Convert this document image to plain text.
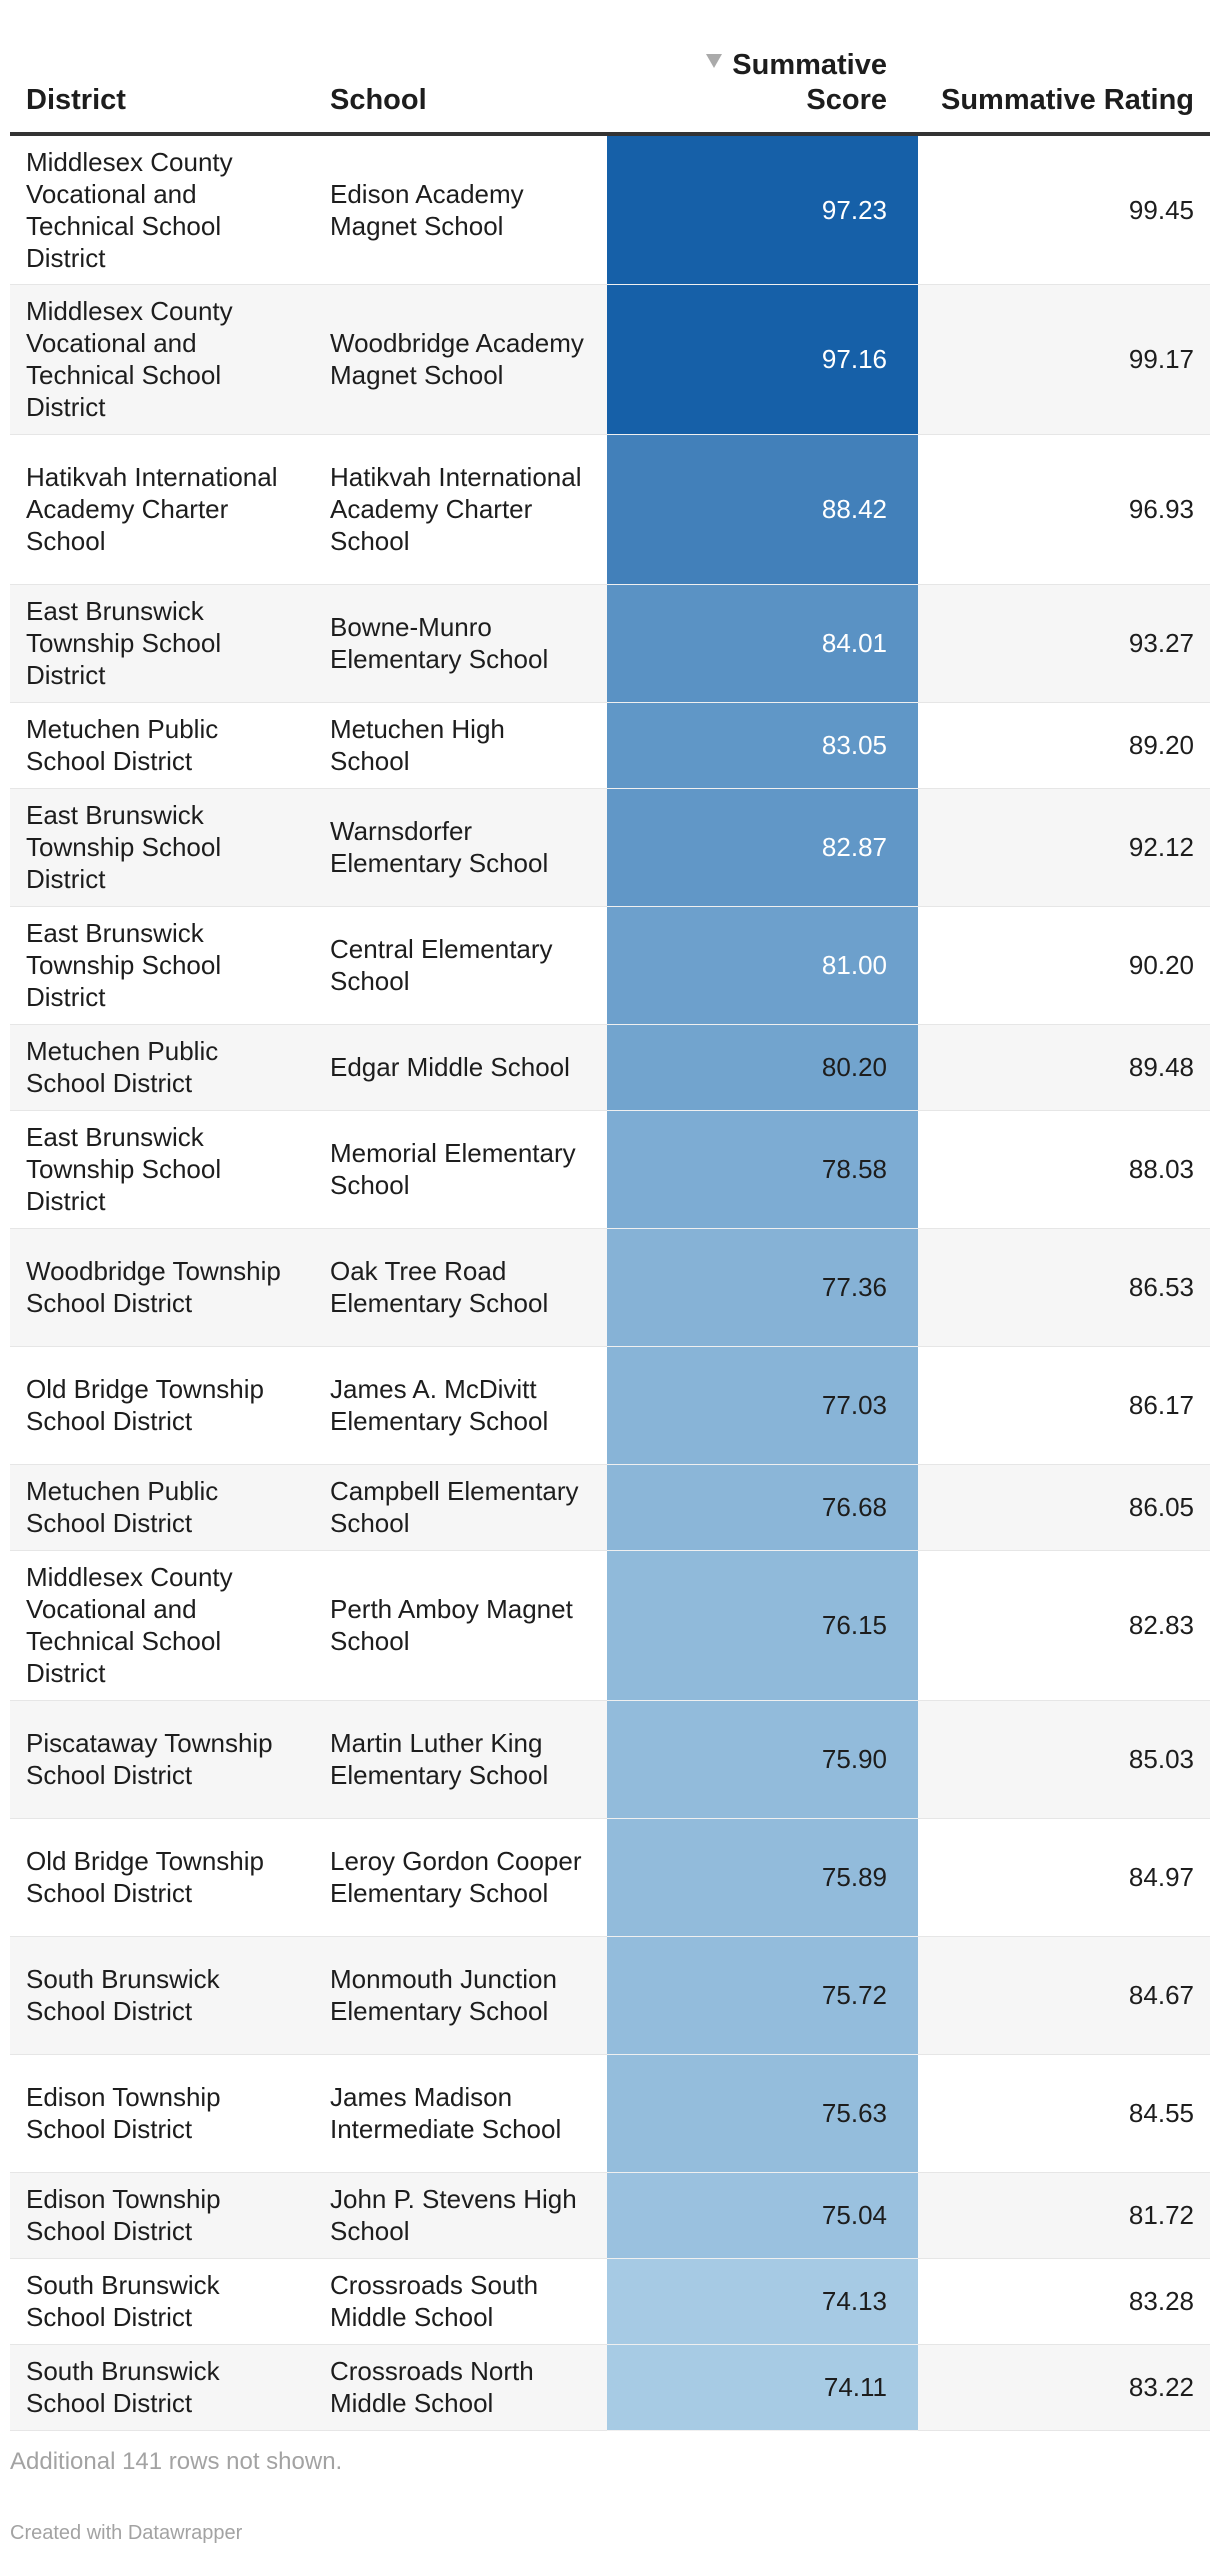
District	School	Summative Score	Summative Rating
Middlesex County Vocational and Technical School District	Edison Academy Magnet School	97.23	99.45
Middlesex County Vocational and Technical School District	Woodbridge Academy Magnet School	97.16	99.17
Hatikvah International Academy Charter School	Hatikvah International Academy Charter School	88.42	96.93
East Brunswick Township School District	Bowne-Munro Elementary School	84.01	93.27
Metuchen Public School District	Metuchen High School	83.05	89.20
East Brunswick Township School District	Warnsdorfer Elementary School	82.87	92.12
East Brunswick Township School District	Central Elementary School	81.00	90.20
Metuchen Public School District	Edgar Middle School	80.20	89.48
East Brunswick Township School District	Memorial Elementary School	78.58	88.03
Woodbridge Township School District	Oak Tree Road Elementary School	77.36	86.53
Old Bridge Township School District	James A. McDivitt Elementary School	77.03	86.17
Metuchen Public School District	Campbell Elementary School	76.68	86.05
Middlesex County Vocational and Technical School District	Perth Amboy Magnet School	76.15	82.83
Piscataway Township School District	Martin Luther King Elementary School	75.90	85.03
Old Bridge Township School District	Leroy Gordon Cooper Elementary School	75.89	84.97
South Brunswick School District	Monmouth Junction Elementary School	75.72	84.67
Edison Township School District	James Madison Intermediate School	75.63	84.55
Edison Township School District	John P. Stevens High School	75.04	81.72
South Brunswick School District	Crossroads South Middle School	74.13	83.28
South Brunswick School District	Crossroads North Middle School	74.11	83.22
Additional 141 rows not shown.
Created with Datawrapper
